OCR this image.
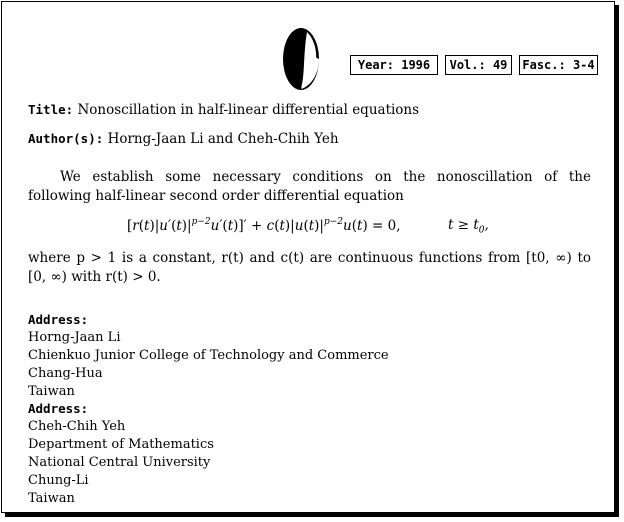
Year: 1996	Vol.: 49	Fasc.: 3-4
Title: Nonoscillation in half-linear differential equations
Author(s): Horng-Jaan Li and Cheh-Chih Yeh
We establish some necessary conditions on the nonoscillation of the following half-linear second order differential equation
$[r(t)|u'(t)|^{p-2}u'(t)]' + c(t)|u(t)|^{p-2}u(t) = 0$,	$t \ge t_0$,
where p > 1 is a constant, r(t) and c(t) are continuous functions from [t0, ∞) to [0, ∞) with r(t) > 0.
Address:
Horng-Jaan Li
Chienkuo Junior College of Technology and Commerce
Chang-Hua
Taiwan
Address:
Cheh-Chih Yeh
Department of Mathematics
National Central University
Chung-Li
Taiwan
